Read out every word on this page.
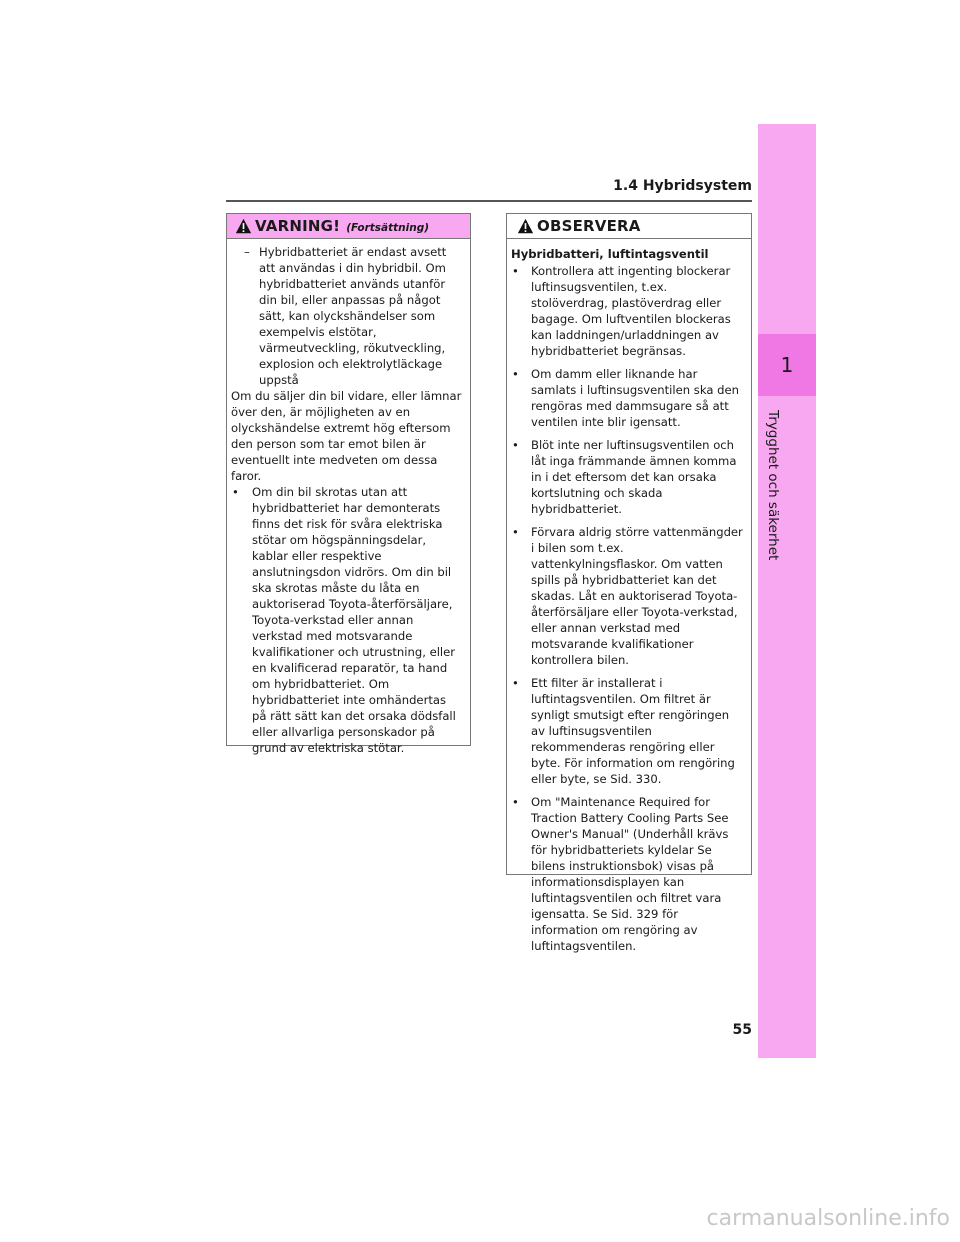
1
Trygghet och säkerhet
1.4 Hybridsystem
VARNING! (Fortsättning)

– Hybridbatteriet är endast avsett att användas i din hybridbil. Om hybridbatteriet används utanför din bil, eller anpassas på något sätt, kan olyckshändelser som exempelvis elstötar, värmeutveckling, rökutveckling, explosion och elektrolytläckage uppstå

Om du säljer din bil vidare, eller lämnar över den, är möjligheten av en olyckshändelse extremt hög eftersom den person som tar emot bilen är eventuellt inte medveten om dessa faror.

• Om din bil skrotas utan att hybridbatteriet har demonterats finns det risk för svåra elektriska stötar om högspänningsdelar, kablar eller respektive anslutningsdon vidrörs. Om din bil ska skrotas måste du låta en auktoriserad Toyota-återförsäljare, Toyota-verkstad eller annan verkstad med motsvarande kvalifikationer och utrustning, eller en kvalificerad reparatör, ta hand om hybridbatteriet. Om hybridbatteriet inte omhändertas på rätt sätt kan det orsaka dödsfall eller allvarliga personskador på grund av elektriska stötar.

OBSERVERA

Hybridbatteri, luftintagsventil

• Kontrollera att ingenting blockerar luftinsugsventilen, t.ex. stolöverdrag, plastöverdrag eller bagage. Om luftventilen blockeras kan laddningen/urladdningen av hybridbatteriet begränsas.

• Om damm eller liknande har samlats i luftinsugsventilen ska den rengöras med dammsugare så att ventilen inte blir igensatt.

• Blöt inte ner luftinsugsventilen och låt inga främmande ämnen komma in i det eftersom det kan orsaka kortslutning och skada hybridbatteriet.

• Förvara aldrig större vattenmängder i bilen som t.ex. vattenkylningsflaskor. Om vatten spills på hybridbatteriet kan det skadas. Låt en auktoriserad Toyota-återförsäljare eller Toyota-verkstad, eller annan verkstad med motsvarande kvalifikationer kontrollera bilen.

• Ett filter är installerat i luftintagsventilen. Om filtret är synligt smutsigt efter rengöringen av luftinsugsventilen rekommenderas rengöring eller byte. För information om rengöring eller byte, se Sid. 330.

• Om "Maintenance Required for Traction Battery Cooling Parts See Owner's Manual" (Underhåll krävs för hybridbatteriets kyldelar Se bilens instruktionsbok) visas på informationsdisplayen kan luftintagsventilen och filtret vara igensatta. Se Sid. 329 för information om rengöring av luftintagsventilen.

55
carmanualsonline.info
